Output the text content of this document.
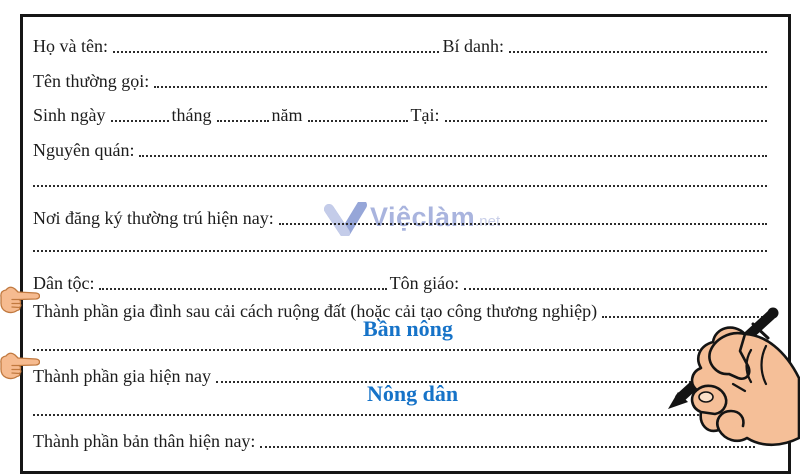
Việclàm .net
Họ và tên:	Bí danh:
Tên thường gọi:
Sinh ngày	tháng	năm	Tại:
Nguyên quán:
Nơi đăng ký thường trú hiện nay:
Dân tộc:	Tôn giáo:
Thành phần gia đình sau cải cách ruộng đất (hoặc cải tạo công thương nghiệp)
Bần nông
Thành phần gia hiện nay
Nông dân
Thành phần bản thân hiện nay:
